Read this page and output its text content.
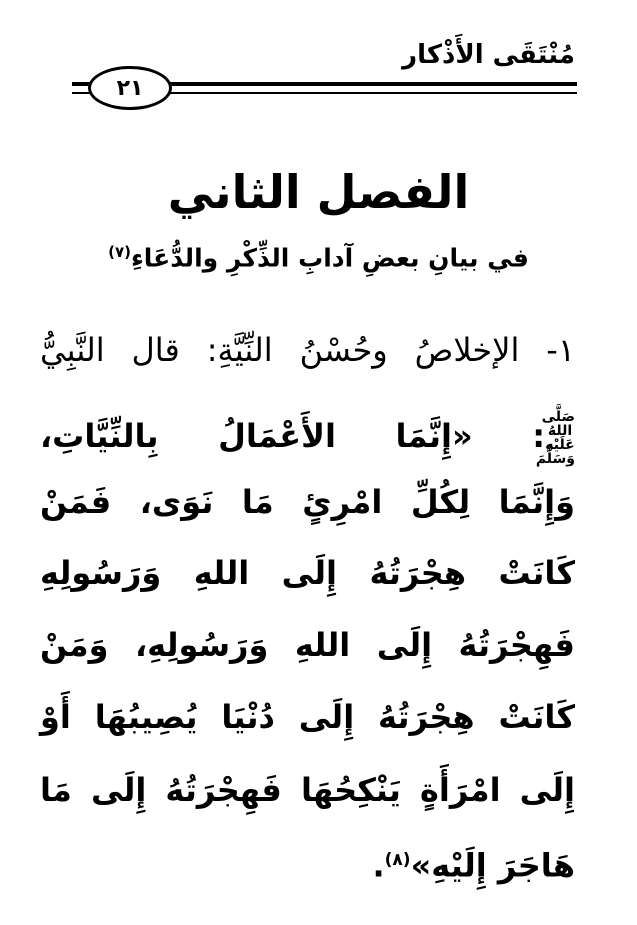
مُنْتَقَى الأَذْكار
٢١
الفصل الثاني
في بيانِ بعضِ آدابِ الذِّكْرِ والدُّعَاءِ$^{(٧)}$
١- الإخلاصُ وحُسْنُ النِّيَّةِ: قال النَّبِيُّ
صَلَّى اللهُ عَلَيْهِ وَسَلَّمَ: «إِنَّمَا الأَعْمَالُ بِالنِّيَّاتِ،
وَإِنَّمَا لِكُلِّ امْرِئٍ مَا نَوَى، فَمَنْ
كَانَتْ هِجْرَتُهُ إِلَى اللهِ وَرَسُولِهِ
فَهِجْرَتُهُ إِلَى اللهِ وَرَسُولِهِ، وَمَنْ
كَانَتْ هِجْرَتُهُ إِلَى دُنْيَا يُصِيبُهَا أَوْ
إِلَى امْرَأَةٍ يَنْكِحُهَا فَهِجْرَتُهُ إِلَى مَا
هَاجَرَ إِلَيْهِ»$^{(٨)}$.
